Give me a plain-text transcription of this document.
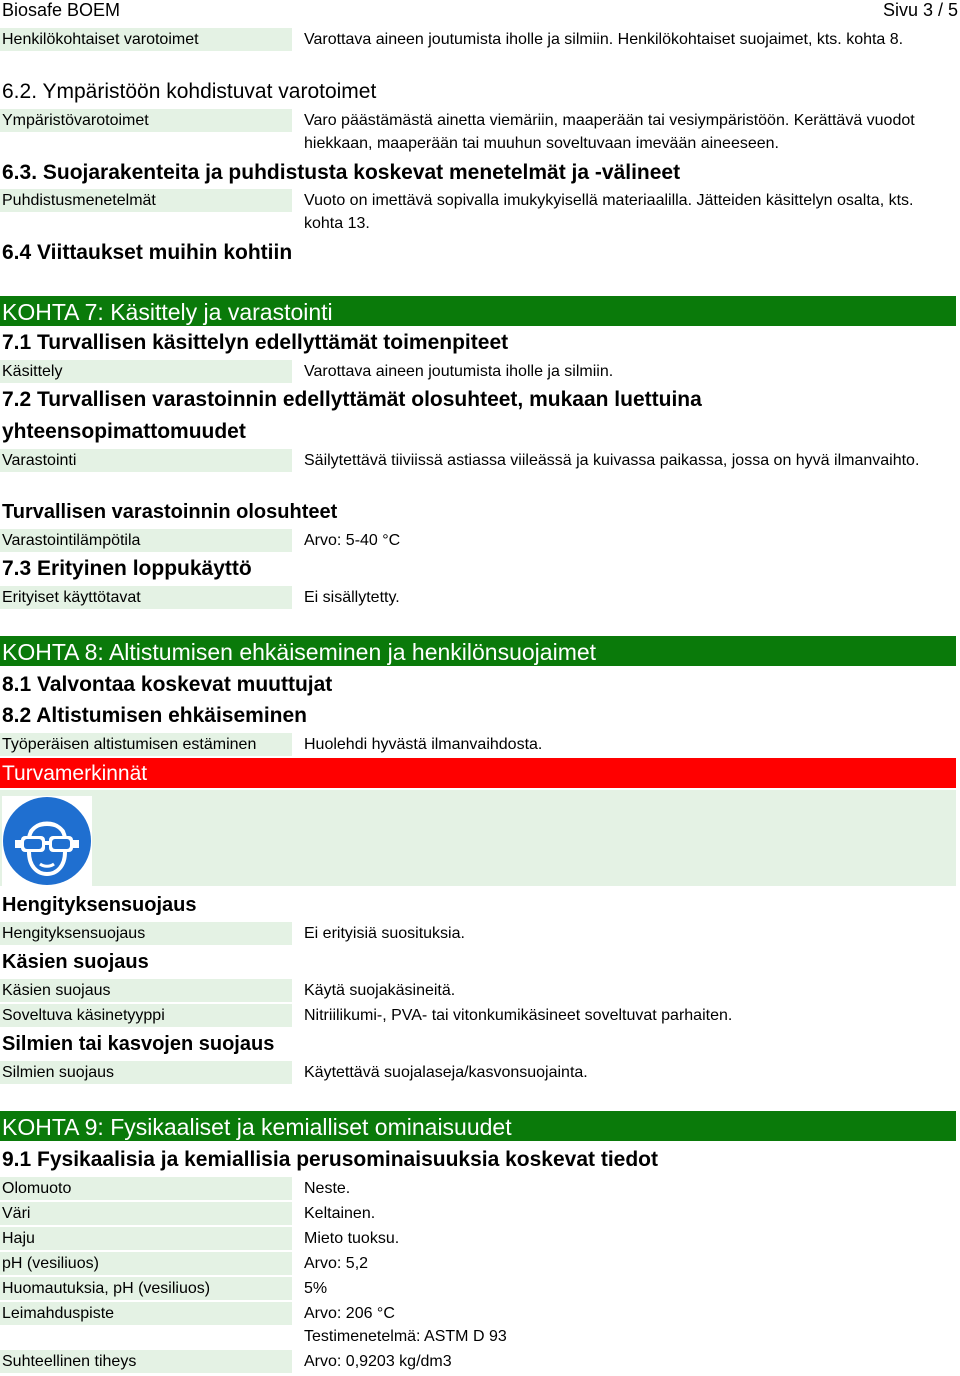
Biosafe BOEM	Sivu 3 / 5
Henkilökohtaiset varotoimet	Varottava aineen joutumista iholle ja silmiin. Henkilökohtaiset suojaimet, kts. kohta 8.
6.2. Ympäristöön kohdistuvat varotoimet
Ympäristövarotoimet	Varo päästämästä ainetta viemäriin, maaperään tai vesiympäristöön. Kerättävä vuodot hiekkaan, maaperään tai muuhun soveltuvaan imevään aineeseen.
6.3. Suojarakenteita ja puhdistusta koskevat menetelmät ja -välineet
Puhdistusmenetelmät	Vuoto on imettävä sopivalla imukykyisellä materiaalilla. Jätteiden käsittelyn osalta, kts. kohta 13.
6.4 Viittaukset muihin kohtiin
KOHTA 7: Käsittely ja varastointi
7.1 Turvallisen käsittelyn edellyttämät toimenpiteet
Käsittely	Varottava aineen joutumista iholle ja silmiin.
7.2 Turvallisen varastoinnin edellyttämät olosuhteet, mukaan luettuina
yhteensopimattomuudet
Varastointi	Säilytettävä tiiviissä astiassa viileässä ja kuivassa paikassa, jossa on hyvä ilmanvaihto.
Turvallisen varastoinnin olosuhteet
Varastointilämpötila	Arvo: 5-40 °C
7.3 Erityinen loppukäyttö
Erityiset käyttötavat	Ei sisällytetty.
KOHTA 8: Altistumisen ehkäiseminen ja henkilönsuojaimet
8.1 Valvontaa koskevat muuttujat
8.2 Altistumisen ehkäiseminen
Työperäisen altistumisen estäminen	Huolehdi hyvästä ilmanvaihdosta.
Turvamerkinnät
Hengityksensuojaus
Hengityksensuojaus	Ei erityisiä suosituksia.
Käsien suojaus
Käsien suojaus	Käytä suojakäsineitä.
Soveltuva käsinetyyppi	Nitriilikumi-, PVA- tai vitonkumikäsineet soveltuvat parhaiten.
Silmien tai kasvojen suojaus
Silmien suojaus	Käytettävä suojalaseja/kasvonsuojainta.
KOHTA 9: Fysikaaliset ja kemialliset ominaisuudet
9.1 Fysikaalisia ja kemiallisia perusominaisuuksia koskevat tiedot
Olomuoto	Neste.
Väri	Keltainen.
Haju	Mieto tuoksu.
pH (vesiliuos)	Arvo: 5,2
Huomautuksia, pH (vesiliuos)	5%
Leimahduspiste	Arvo: 206 °C
Testimenetelmä: ASTM D 93
Suhteellinen tiheys	Arvo: 0,9203 kg/dm3
